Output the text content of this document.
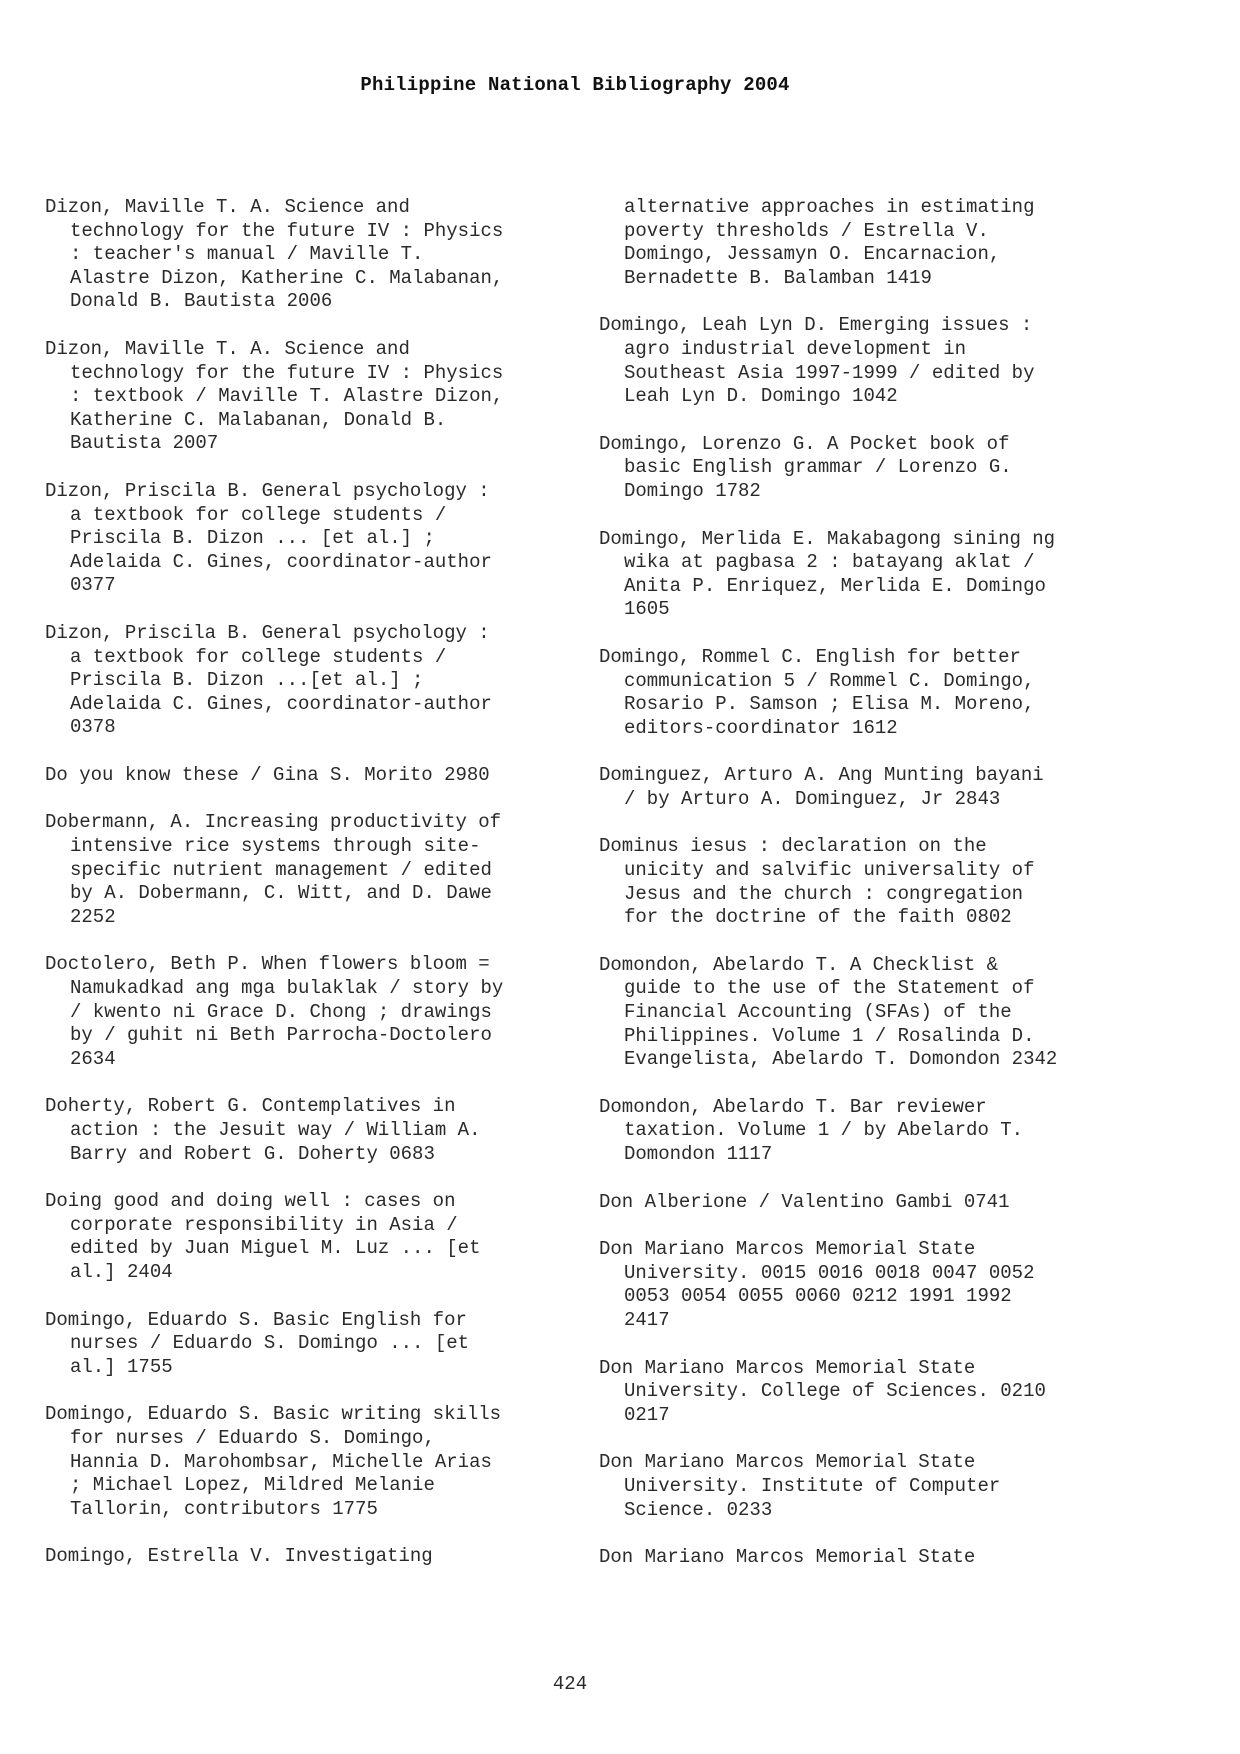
Philippine National Bibliography 2004

Dizon, Maville T. A. Science and
technology for the future IV : Physics
: teacher's manual / Maville T.
Alastre Dizon, Katherine C. Malabanan,
Donald B. Bautista 2006

Dizon, Maville T. A. Science and
technology for the future IV : Physics
: textbook / Maville T. Alastre Dizon,
Katherine C. Malabanan, Donald B.
Bautista 2007

Dizon, Priscila B. General psychology :
a textbook for college students /
Priscila B. Dizon ... [et al.] ;
Adelaida C. Gines, coordinator-author
0377

Dizon, Priscila B. General psychology :
a textbook for college students /
Priscila B. Dizon ...[et al.] ;
Adelaida C. Gines, coordinator-author
0378

Do you know these / Gina S. Morito 2980

Dobermann, A. Increasing productivity of
intensive rice systems through site-
specific nutrient management / edited
by A. Dobermann, C. Witt, and D. Dawe
2252

Doctolero, Beth P. When flowers bloom =
Namukadkad ang mga bulaklak / story by
/ kwento ni Grace D. Chong ; drawings
by / guhit ni Beth Parrocha-Doctolero
2634

Doherty, Robert G. Contemplatives in
action : the Jesuit way / William A.
Barry and Robert G. Doherty 0683

Doing good and doing well : cases on
corporate responsibility in Asia /
edited by Juan Miguel M. Luz ... [et
al.] 2404

Domingo, Eduardo S. Basic English for
nurses / Eduardo S. Domingo ... [et
al.] 1755

Domingo, Eduardo S. Basic writing skills
for nurses / Eduardo S. Domingo,
Hannia D. Marohombsar, Michelle Arias
; Michael Lopez, Mildred Melanie
Tallorin, contributors 1775

Domingo, Estrella V. Investigating

alternative approaches in estimating
poverty thresholds / Estrella V.
Domingo, Jessamyn O. Encarnacion,
Bernadette B. Balamban 1419

Domingo, Leah Lyn D. Emerging issues :
agro industrial development in
Southeast Asia 1997-1999 / edited by
Leah Lyn D. Domingo 1042

Domingo, Lorenzo G. A Pocket book of
basic English grammar / Lorenzo G.
Domingo 1782

Domingo, Merlida E. Makabagong sining ng
wika at pagbasa 2 : batayang aklat /
Anita P. Enriquez, Merlida E. Domingo
1605

Domingo, Rommel C. English for better
communication 5 / Rommel C. Domingo,
Rosario P. Samson ; Elisa M. Moreno,
editors-coordinator 1612

Dominguez, Arturo A. Ang Munting bayani
/ by Arturo A. Dominguez, Jr 2843

Dominus iesus : declaration on the
unicity and salvific universality of
Jesus and the church : congregation
for the doctrine of the faith 0802

Domondon, Abelardo T. A Checklist &
guide to the use of the Statement of
Financial Accounting (SFAs) of the
Philippines. Volume 1 / Rosalinda D.
Evangelista, Abelardo T. Domondon 2342

Domondon, Abelardo T. Bar reviewer
taxation. Volume 1 / by Abelardo T.
Domondon 1117

Don Alberione / Valentino Gambi 0741

Don Mariano Marcos Memorial State
University. 0015 0016 0018 0047 0052
0053 0054 0055 0060 0212 1991 1992
2417

Don Mariano Marcos Memorial State
University. College of Sciences. 0210
0217

Don Mariano Marcos Memorial State
University. Institute of Computer
Science. 0233

Don Mariano Marcos Memorial State

424
